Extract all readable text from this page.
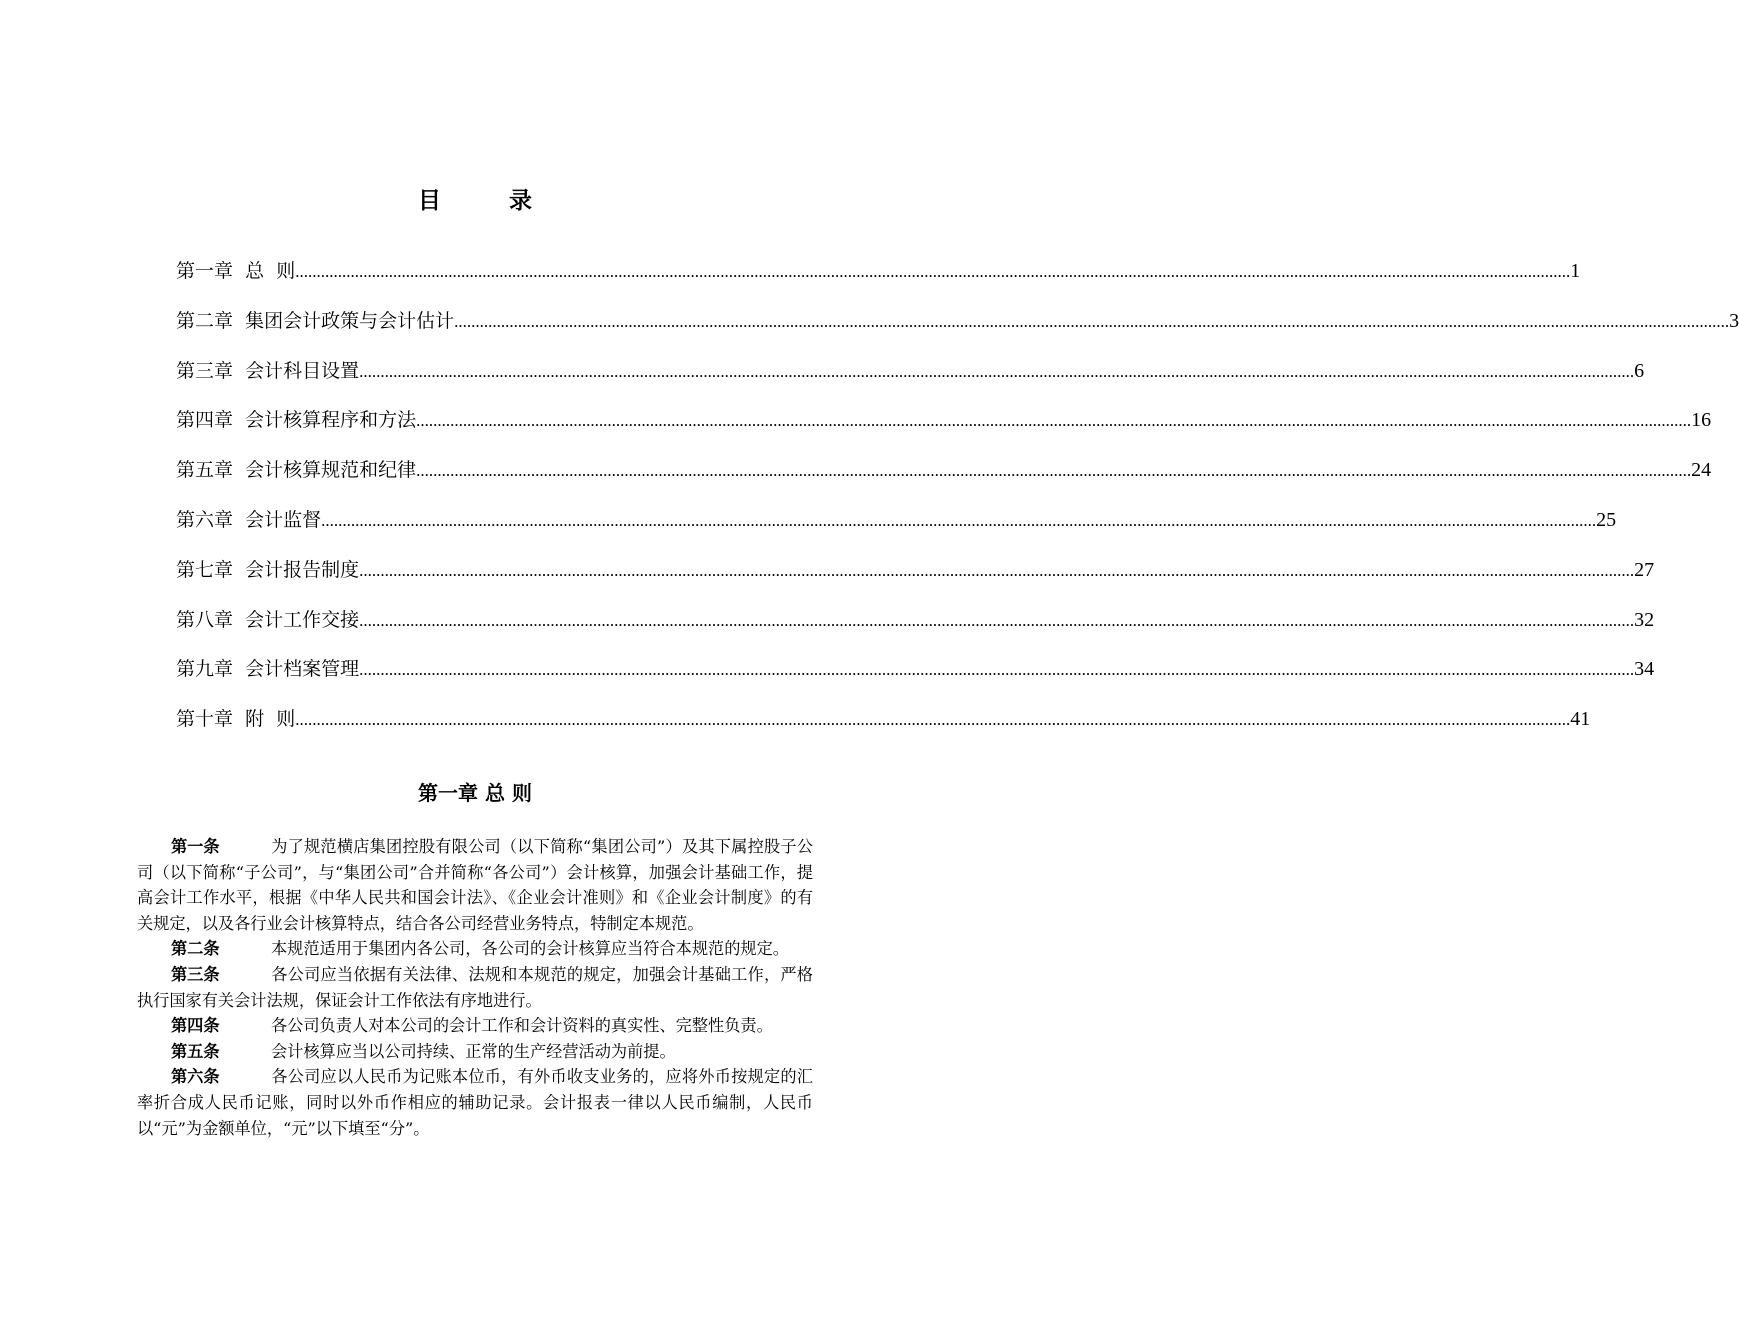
目 录
第一章 总  则 ............................................................................................................................................................................................................................................................................................................ 1
第二章 集团会计政策与会计估计 ............................................................................................................................................................................................................................................................................................................ 3
第三章 会计科目设置 ............................................................................................................................................................................................................................................................................................................ 6
第四章 会计核算程序和方法 ............................................................................................................................................................................................................................................................................................................ 16
第五章 会计核算规范和纪律 ............................................................................................................................................................................................................................................................................................................ 24
第六章 会计监督 ............................................................................................................................................................................................................................................................................................................ 25
第七章 会计报告制度 ............................................................................................................................................................................................................................................................................................................ 27
第八章 会计工作交接 ............................................................................................................................................................................................................................................................................................................ 32
第九章 会计档案管理 ............................................................................................................................................................................................................................................................................................................ 34
第十章 附  则 ............................................................................................................................................................................................................................................................................................................ 41
第一章 总 则

第一条	为了规范横店集团控股有限公司（以下简称“集团公司”）及其下属控股子公司（以下简称“子公司”，与“集团公司”合并简称“各公司”）会计核算，加强会计基础工作，提高会计工作水平，根据《中华人民共和国会计法》、《企业会计准则》和《企业会计制度》的有关规定，以及各行业会计核算特点，结合各公司经营业务特点，特制定本规范。

第二条	本规范适用于集团内各公司，各公司的会计核算应当符合本规范的规定。

第三条	各公司应当依据有关法律、法规和本规范的规定，加强会计基础工作，严格执行国家有关会计法规，保证会计工作依法有序地进行。

第四条	各公司负责人对本公司的会计工作和会计资料的真实性、完整性负责。

第五条	会计核算应当以公司持续、正常的生产经营活动为前提。

第六条	各公司应以人民币为记账本位币，有外币收支业务的，应将外币按规定的汇率折合成人民币记账，同时以外币作相应的辅助记录。会计报表一律以人民币编制，人民币以“元”为金额单位，“元”以下填至“分”。
